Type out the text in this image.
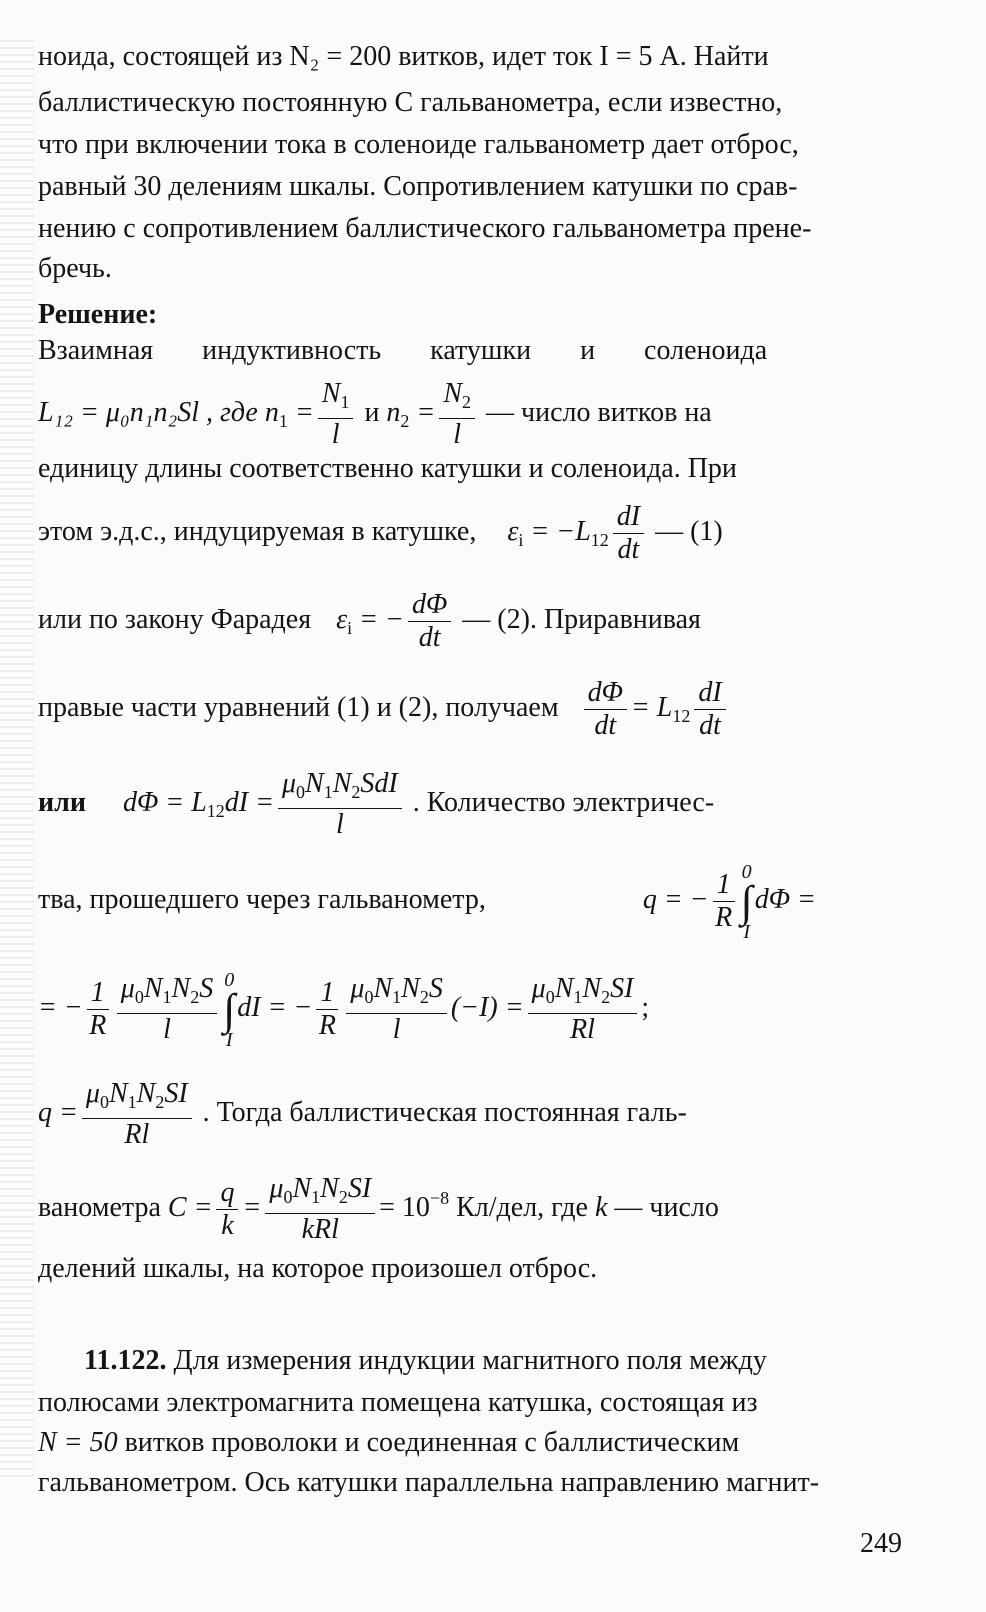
ноида, состоящей из N₂ = 200 витков, идет ток I = 5 А. Найти
баллистическую постоянную C гальванометра, если известно,
что при включении тока в соленоиде гальванометр дает отброс,
равный 30 делениям шкалы. Сопротивлением катушки по срав-
нению с сопротивлением баллистического гальванометра прене-
бречь.
Решение:
Взаимная индуктивность катушки и соленоида
L₁₂ = μ₀n₁n₂Sl , где $n_1 = \frac{N_1}{l}$ и $n_2 = \frac{N_2}{l}$ — число витков на
единицу длины соответственно катушки и соленоида. При
этом э.д.с., индуцируемая в катушке, $\varepsilon_i = -L_{12} \frac{dI}{dt}$ — (1)
или по закону Фарадея $\varepsilon_i$ = − $\frac{d\Phi}{dt}$ — (2). Приравнивая
правые части уравнений (1) и (2), получаем $\frac{d\Phi}{dt} = L_{12} \frac{dI}{dt}$
или $d\Phi = L_{12}dI = \frac{\mu_0N_1N_2SdI}{l}$ . Количество электричес-
тва, прошедшего через гальванометр,	q = − $\frac{1}{R} 0$
∫
I
dΦ =
= − $\frac{1}{R} \frac{\mu_0N_1N_2S}{l} 0$
∫
I
dI = − $\frac{1}{R} \frac{\mu_0N_1N_2S}{l} (-I) = \frac{\mu_0N_1N_2SI}{Rl}$ ;
$q = \frac{\mu_0N_1N_2SI}{Rl}$ . Тогда баллистическая постоянная галь-
ванометра $C = \frac{q}{k} = \frac{\mu_0N_1N_2SI}{\text{kRl}} = 10^{-8}$ Кл/дел, где k — число
делений шкалы, на которое произошел отброс.
11.122. Для измерения индукции магнитного поля между
полюсами электромагнита помещена катушка, состоящая из
N = 50 витков проволоки и соединенная с баллистическим
гальванометром. Ось катушки параллельна направлению магнит-
249
